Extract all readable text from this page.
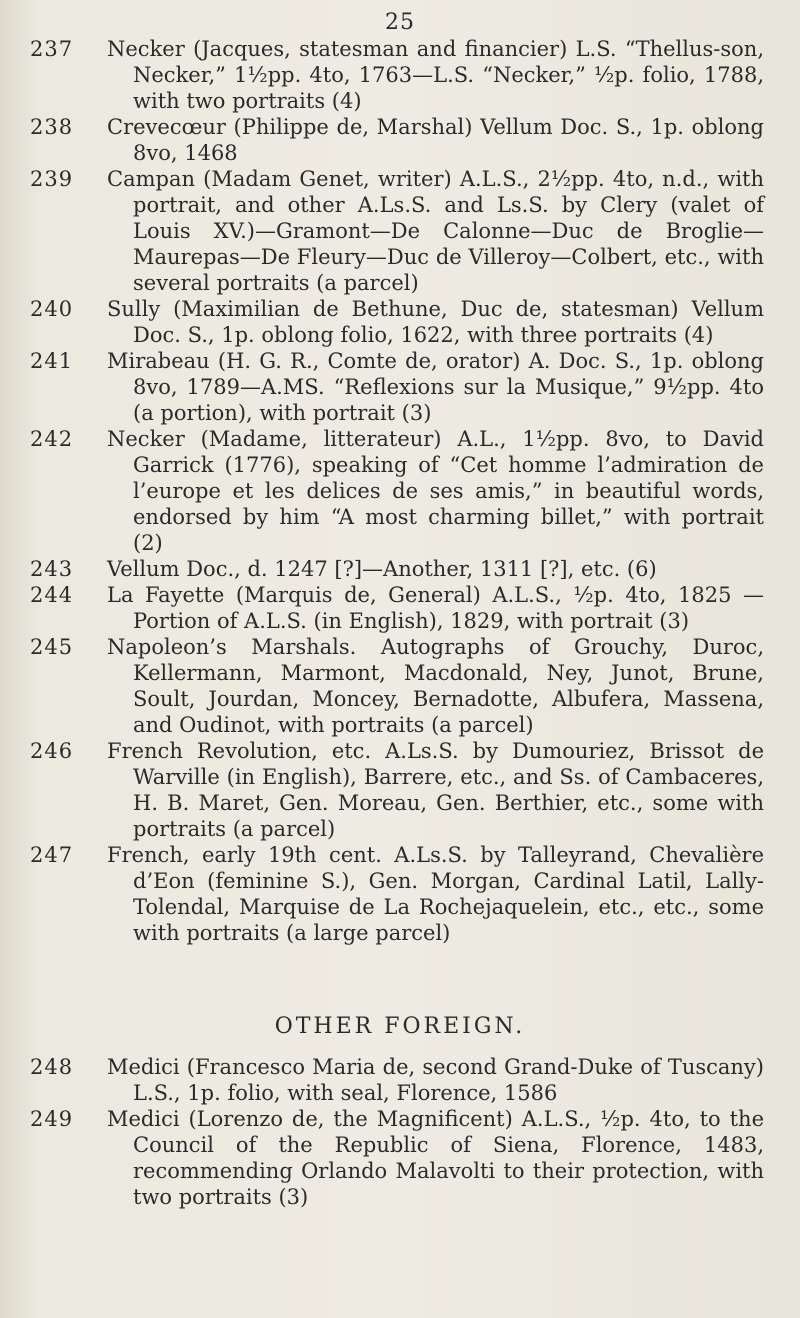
25

237	Necker (Jacques, statesman and financier) L.S. “Thellus-son, Necker,” 1½pp. 4to, 1763—L.S. “Necker,” ½p. folio, 1788, with two portraits (4)

238	Crevecœur (Philippe de, Marshal) Vellum Doc. S., 1p. oblong 8vo, 1468

239	Campan (Madam Genet, writer) A.L.S., 2½pp. 4to, n.d., with portrait, and other A.Ls.S. and Ls.S. by Clery (valet of Louis XV.)—Gramont—De Calonne—Duc de Broglie—Maurepas—De Fleury—Duc de Villeroy—Colbert, etc., with several portraits (a parcel)

240	Sully (Maximilian de Bethune, Duc de, statesman) Vellum Doc. S., 1p. oblong folio, 1622, with three portraits (4)

241	Mirabeau (H. G. R., Comte de, orator) A. Doc. S., 1p. oblong 8vo, 1789—A.MS. “Reflexions sur la Musique,” 9½pp. 4to (a portion), with portrait (3)

242	Necker (Madame, litterateur) A.L., 1½pp. 8vo, to David Garrick (1776), speaking of “Cet homme l’admiration de l’europe et les delices de ses amis,” in beautiful words, endorsed by him “A most charming billet,” with portrait (2)

243	Vellum Doc., d. 1247 [?]—Another, 1311 [?], etc. (6)

244	La Fayette (Marquis de, General) A.L.S., ½p. 4to, 1825 —Portion of A.L.S. (in English), 1829, with portrait (3)

245	Napoleon’s Marshals. Autographs of Grouchy, Duroc, Kellermann, Marmont, Macdonald, Ney, Junot, Brune, Soult, Jourdan, Moncey, Bernadotte, Albufera, Massena, and Oudinot, with portraits (a parcel)

246	French Revolution, etc. A.Ls.S. by Dumouriez, Brissot de Warville (in English), Barrere, etc., and Ss. of Cambaceres, H. B. Maret, Gen. Moreau, Gen. Berthier, etc., some with portraits (a parcel)

247	French, early 19th cent. A.Ls.S. by Talleyrand, Chevalière d’Eon (feminine S.), Gen. Morgan, Cardinal Latil, Lally-Tolendal, Marquise de La Rochejaquelein, etc., etc., some with portraits (a large parcel)

OTHER FOREIGN.

248	Medici (Francesco Maria de, second Grand-Duke of Tuscany) L.S., 1p. folio, with seal, Florence, 1586

249	Medici (Lorenzo de, the Magnificent) A.L.S., ½p. 4to, to the Council of the Republic of Siena, Florence, 1483, recommending Orlando Malavolti to their protection, with two portraits (3)
